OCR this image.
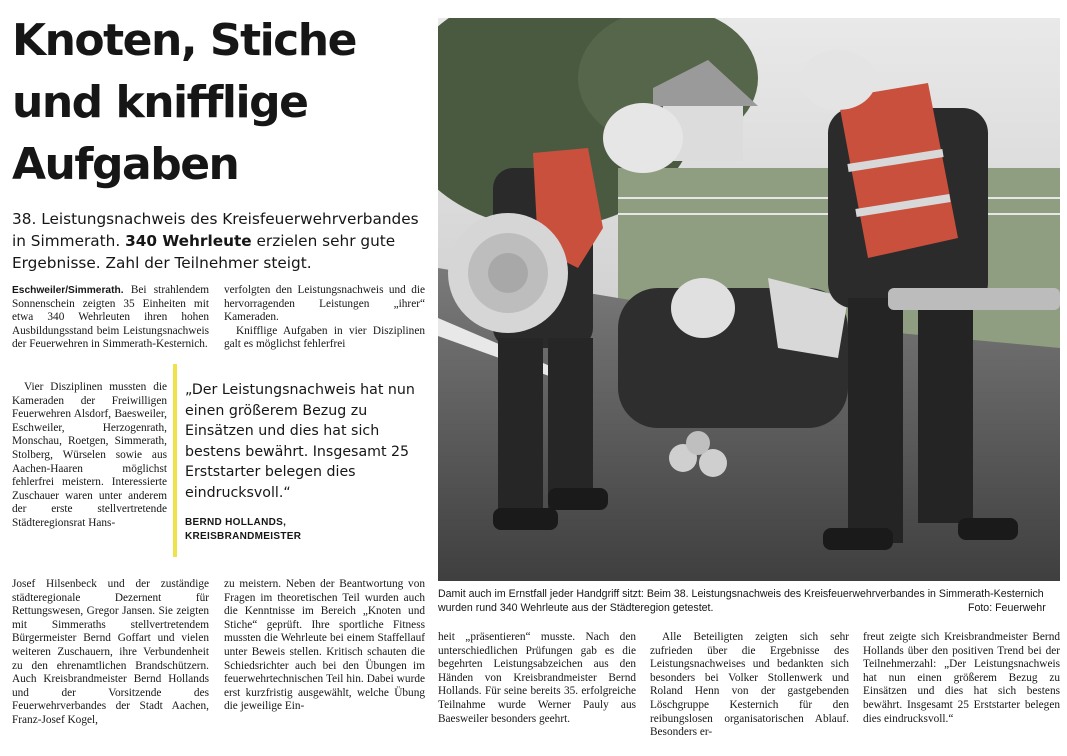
Knoten, Stiche
und knifflige
Aufgaben

38. Leistungsnachweis des Kreisfeuerwehrverbandes in Simmerath. 340 Wehrleute erzielen sehr gute Ergebnisse. Zahl der Teilnehmer steigt.

Eschweiler/Simmerath. Bei strahlendem Sonnenschein zeigten 35 Einheiten mit etwa 340 Wehrleuten ihren hohen Ausbildungsstand beim Leistungsnachweis der Feuerwehren in Simmerath-Kesternich.

Vier Disziplinen mussten die Kameraden der Freiwilligen Feuerwehren Alsdorf, Baesweiler, Eschweiler, Herzogenrath, Monschau, Roetgen, Simmerath, Stolberg, Würselen sowie aus Aachen-Haaren möglichst fehlerfrei meistern. Interessierte Zuschauer waren unter anderem der erste stellvertretende Städteregionsrat Hans-

Josef Hilsenbeck und der zuständige städteregionale Dezernent für Rettungswesen, Gregor Jansen. Sie zeigten mit Simmeraths stellvertretendem Bürgermeister Bernd Goffart und vielen weiteren Zuschauern, ihre Verbundenheit zu den ehrenamtlichen Brandschützern. Auch Kreisbrandmeister Bernd Hollands und der Vorsitzende des Feuerwehrverbandes der Stadt Aachen, Franz-Josef Kogel,

verfolgten den Leistungsnachweis und die hervorragenden Leistungen „ihrer“ Kameraden.

Knifflige Aufgaben in vier Disziplinen galt es möglichst fehlerfrei

„Der Leistungsnachweis hat nun einen größerem Bezug zu Einsätzen und dies hat sich bestens bewährt. Insgesamt 25 Erststarter belegen dies eindrucksvoll.“

BERND HOLLANDS,
KREISBRANDMEISTER

zu meistern. Neben der Beantwortung von Fragen im theoretischen Teil wurden auch die Kenntnisse im Bereich „Knoten und Stiche“ geprüft. Ihre sportliche Fitness mussten die Wehrleute bei einem Staffellauf unter Beweis stellen. Kritisch schauten die Schiedsrichter auch bei den Übungen im feuerwehrtechnischen Teil hin. Dabei wurde erst kurzfristig ausgewählt, welche Übung die jeweilige Ein-

Damit auch im Ernstfall jeder Handgriff sitzt: Beim 38. Leistungsnachweis des Kreisfeuerwehrverbandes in Simmerath-Kesternich wurden rund 340 Wehrleute aus der Städteregion getestet.	Foto: Feuerwehr

heit „präsentieren“ musste. Nach den unterschiedlichen Prüfungen gab es die begehrten Leistungsabzeichen aus den Händen von Kreisbrandmeister Bernd Hollands. Für seine bereits 35. erfolgreiche Teilnahme wurde Werner Pauly aus Baesweiler besonders geehrt.

Alle Beteiligten zeigten sich sehr zufrieden über die Ergebnisse des Leistungsnachweises und bedankten sich besonders bei Volker Stollenwerk und Roland Henn von der gastgebenden Löschgruppe Kesternich für den reibungslosen organisatorischen Ablauf. Besonders er-

freut zeigte sich Kreisbrandmeister Bernd Hollands über den positiven Trend bei der Teilnehmerzahl: „Der Leistungsnachweis hat nun einen größerem Bezug zu Einsätzen und dies hat sich bestens bewährt. Insgesamt 25 Erststarter belegen dies eindrucksvoll.“
